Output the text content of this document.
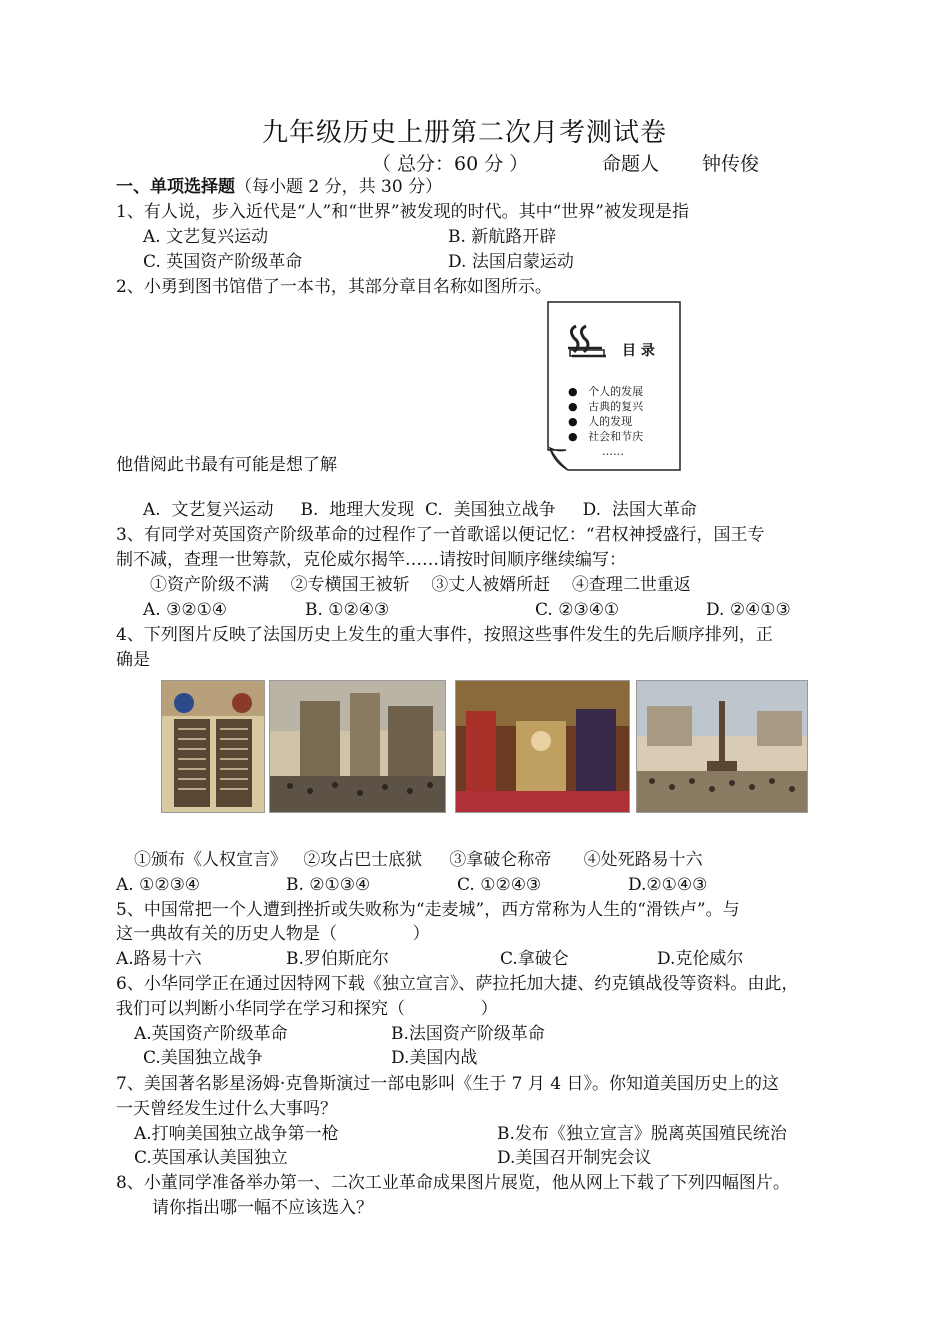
九年级历史上册第二次月考测试卷
（ 总分：60 分 ）	命题人 钟传俊
一、单项选择题（每小题 2 分，共 30 分）
1、有人说，步入近代是“人”和“世界”被发现的时代。其中“世界”被发现是指
A. 文艺复兴运动	B. 新航路开辟
C. 英国资产阶级革命	D. 法国启蒙运动
2、小勇到图书馆借了一本书，其部分章目名称如图所示。
目 录
●   个人的发展
●   古典的复兴
●   人的发现
●   社会和节庆
……
他借阅此书最有可能是想了解
A.  文艺复兴运动     B.  地理大发现  C.  美国独立战争     D.  法国大革命
3、有同学对英国资产阶级革命的过程作了一首歌谣以便记忆：“君权神授盛行，国王专
制不减，查理一世筹款，克伦威尔揭竿……请按时间顺序继续编写：
①资产阶级不满    ②专横国王被斩    ③丈人被婿所赶    ④查理二世重返
A. ③②①④	B. ①②④③	C. ②③④①	D. ②④①③
4、下列图片反映了法国历史上发生的重大事件，按照这些事件发生的先后顺序排列，正
确是
①颁布《人权宣言》   ②攻占巴士底狱     ③拿破仑称帝      ④处死路易十六
A. ①②③④	B. ②①③④	C. ①②④③	D.②①④③
5、中国常把一个人遭到挫折或失败称为“走麦城”，西方常称为人生的“滑铁卢”。与
这一典故有关的历史人物是（              ）
A.路易十六	B.罗伯斯庇尔	C.拿破仑	D.克伦威尔
6、小华同学正在通过因特网下载《独立宣言》、萨拉托加大捷、约克镇战役等资料。由此，
我们可以判断小华同学在学习和探究（              ）
A.英国资产阶级革命	B.法国资产阶级革命
C.美国独立战争	D.美国内战
7、美国著名影星汤姆·克鲁斯演过一部电影叫《生于 7 月 4 日》。你知道美国历史上的这
一天曾经发生过什么大事吗？
A.打响美国独立战争第一枪	B.发布《独立宣言》脱离英国殖民统治
C.英国承认美国独立	D.美国召开制宪会议
8、小董同学准备举办第一、二次工业革命成果图片展览，他从网上下载了下列四幅图片。
请你指出哪一幅不应该选入？
